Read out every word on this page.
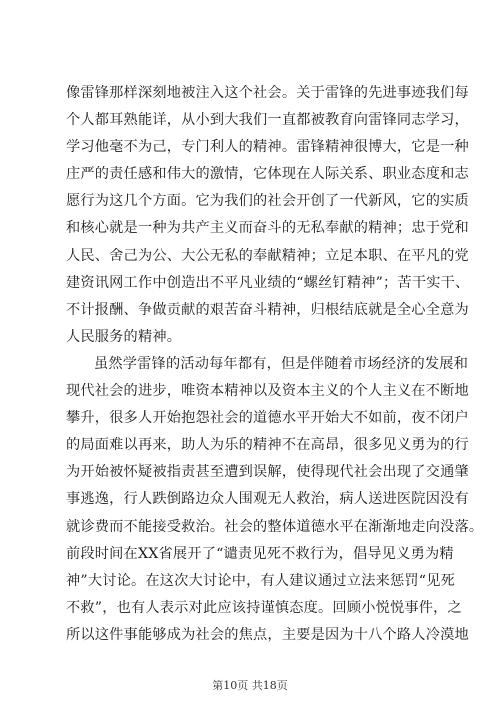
像雷锋那样深刻地被注入这个社会。关于雷锋的先进事迹我们每
个人都耳熟能详，从小到大我们一直都被教育向雷锋同志学习，
学习他毫不为己，专门利人的精神。雷锋精神很博大，它是一种
庄严的责任感和伟大的激情，它体现在人际关系、职业态度和志
愿行为这几个方面。它为我们的社会开创了一代新风，它的实质
和核心就是一种为共产主义而奋斗的无私奉献的精神；忠于党和
人民、舍己为公、大公无私的奉献精神；立足本职、在平凡的党
建资讯网工作中创造出不平凡业绩的“螺丝钉精神”；苦干实干、
不计报酬、争做贡献的艰苦奋斗精神，归根结底就是全心全意为
人民服务的精神。
虽然学雷锋的活动每年都有，但是伴随着市场经济的发展和
现代社会的进步，唯资本精神以及资本主义的个人主义在不断地
攀升，很多人开始抱怨社会的道德水平开始大不如前，夜不闭户
的局面难以再来，助人为乐的精神不在高昂，很多见义勇为的行
为开始被怀疑被指责甚至遭到误解，使得现代社会出现了交通肇
事逃逸，行人跌倒路边众人围观无人救治，病人送进医院因没有
就诊费而不能接受救治。社会的整体道德水平在渐渐地走向没落。
前段时间在XX省展开了“谴责见死不救行为，倡导见义勇为精
神”大讨论。在这次大讨论中，有人建议通过立法来惩罚“见死
不救”，也有人表示对此应该持谨慎态度。回顾小悦悦事件，之
所以这件事能够成为社会的焦点，主要是因为十八个路人冷漠地
第10页 共18页
